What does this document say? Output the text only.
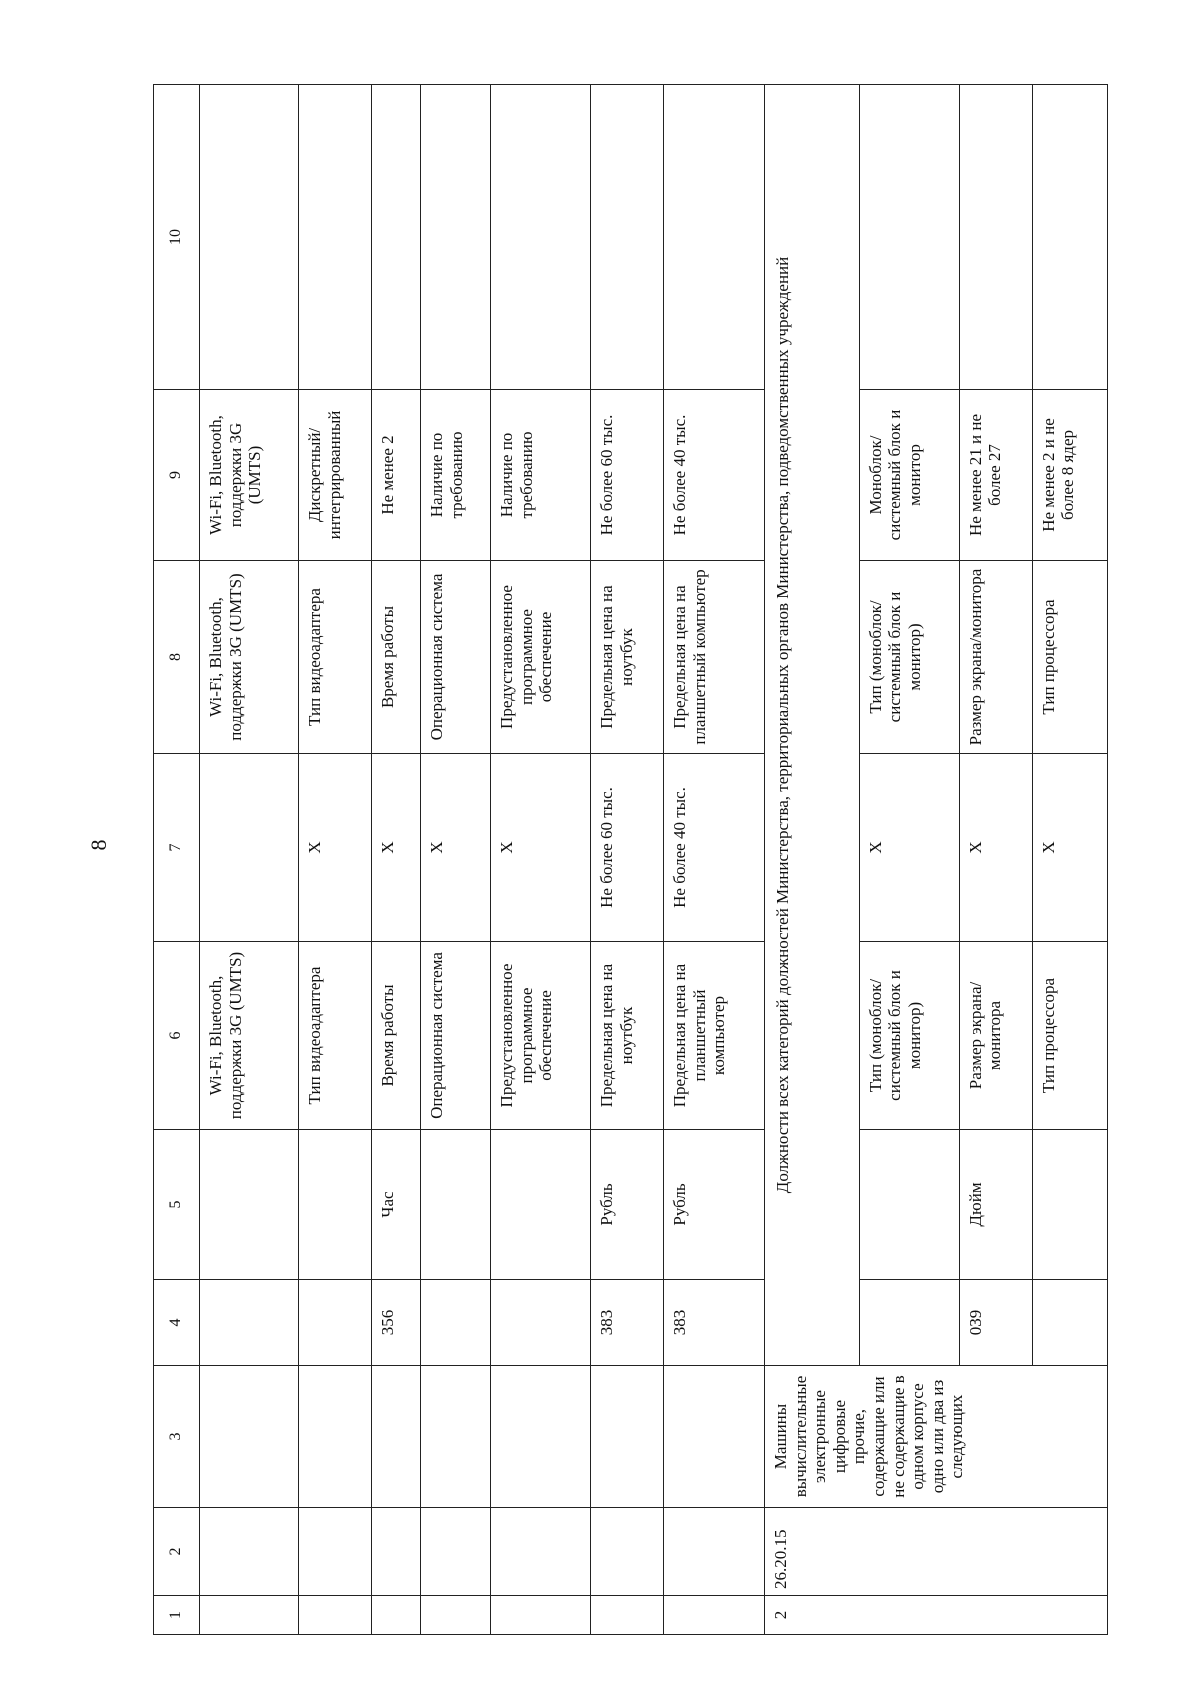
8
1	2	3	4	5	6	7	8	9	10
					Wi-Fi, Bluetooth, поддержки 3G (UMTS)		Wi-Fi, Bluetooth, поддержки 3G (UMTS)	Wi-Fi, Bluetooth, поддержки 3G (UMTS)	
					Тип видеоадаптера	Х	Тип видеоадаптера	Дискретный/интегрированный	
			356	Час	Время работы	Х	Время работы	Не менее 2	
					Операционная система	Х	Операционная система	Наличие по требованию	
					Предустановленное программное обеспечение	Х	Предустановленное программное обеспечение	Наличие по требованию	
			383	Рубль	Предельная цена на ноутбук	Не более 60 тыс.	Предельная цена на ноутбук	Не более 60 тыс.	
			383	Рубль	Предельная цена на планшетный компьютер	Не более 40 тыс.	Предельная цена на планшетный компьютер	Не более 40 тыс.	
2	26.20.15	Машины вычислительные электронные цифровые прочие, содержащие или не содержащие в одном корпусе одно или два из следующих	Должности всех категорий должностей Министерства, территориальных органов Министерства, подведомственных учреждений						
					Тип (моноблок/ системный блок и монитор)	Х	Тип (моноблок/ системный блок и монитор)	Моноблок/ системный блок и монитор	
			039	Дюйм	Размер экрана/монитора	Х	Размер экрана/монитора	Не менее 21 и не более 27	
					Тип процессора	Х	Тип процессора	Не менее 2 и не более 8 ядер	
